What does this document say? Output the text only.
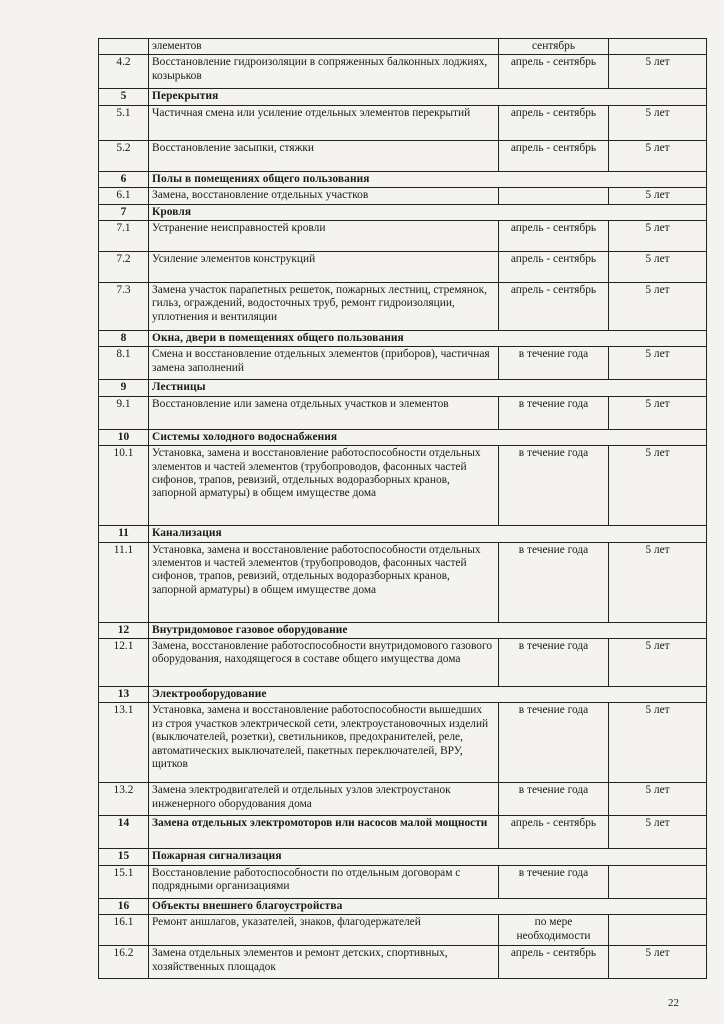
	элементов	сентябрь	
4.2	Восстановление гидроизоляции в сопряженных балконных лоджиях, козырьков	апрель - сентябрь	5 лет
5	Перекрытия		
5.1	Частичная смена или усиление отдельных элементов перекрытий	апрель - сентябрь	5 лет
5.2	Восстановление засыпки, стяжки	апрель - сентябрь	5 лет
6	Полы в помещениях общего пользования		
6.1	Замена, восстановление отдельных участков		5 лет
7	Кровля		
7.1	Устранение неисправностей кровли	апрель - сентябрь	5 лет
7.2	Усиление элементов конструкций	апрель - сентябрь	5 лет
7.3	Замена участок парапетных решеток, пожарных лестниц, стремянок, гильз, ограждений, водосточных труб, ремонт гидроизоляции, уплотнения и вентиляции	апрель - сентябрь	5 лет
8	Окна, двери в помещениях общего пользования		
8.1	Смена и восстановление отдельных элементов (приборов), частичная замена заполнений	в течение года	5 лет
9	Лестницы		
9.1	Восстановление или замена отдельных участков и элементов	в течение года	5 лет
10	Системы холодного водоснабжения		
10.1	Установка, замена и восстановление работоспособности отдельных элементов и частей элементов (трубопроводов, фасонных частей сифонов, трапов, ревизий, отдельных водоразборных кранов, запорной арматуры) в общем имуществе дома	в течение года	5 лет
11	Канализация		
11.1	Установка, замена и восстановление работоспособности отдельных элементов и частей элементов (трубопроводов, фасонных частей сифонов, трапов, ревизий, отдельных водоразборных кранов, запорной арматуры) в общем имуществе дома	в течение года	5 лет
12	Внутридомовое газовое оборудование		
12.1	Замена, восстановление работоспособности внутридомового газового оборудования, находящегося в составе общего имущества дома	в течение года	5 лет
13	Электрооборудование		
13.1	Установка, замена и восстановление работоспособности вышедших из строя участков электрической сети, электроустановочных изделий (выключателей, розетки), светильников, предохранителей, реле, автоматических выключателей, пакетных переключателей, ВРУ, щитков	в течение года	5 лет
13.2	Замена электродвигателей и отдельных узлов электроустанок инженерного оборудования дома	в течение года	5 лет
14	Замена отдельных электромоторов или насосов малой мощности	апрель - сентябрь	5 лет
15	Пожарная сигнализация		
15.1	Восстановление работоспособности по отдельным договорам с подрядными организациями	в течение года	
16	Объекты внешнего благоустройства		
16.1	Ремонт аншлагов, указателей, знаков, флагодержателей	по мере необходимости	
16.2	Замена отдельных элементов и ремонт детских, спортивных, хозяйственных площадок	апрель - сентябрь	5 лет
22
